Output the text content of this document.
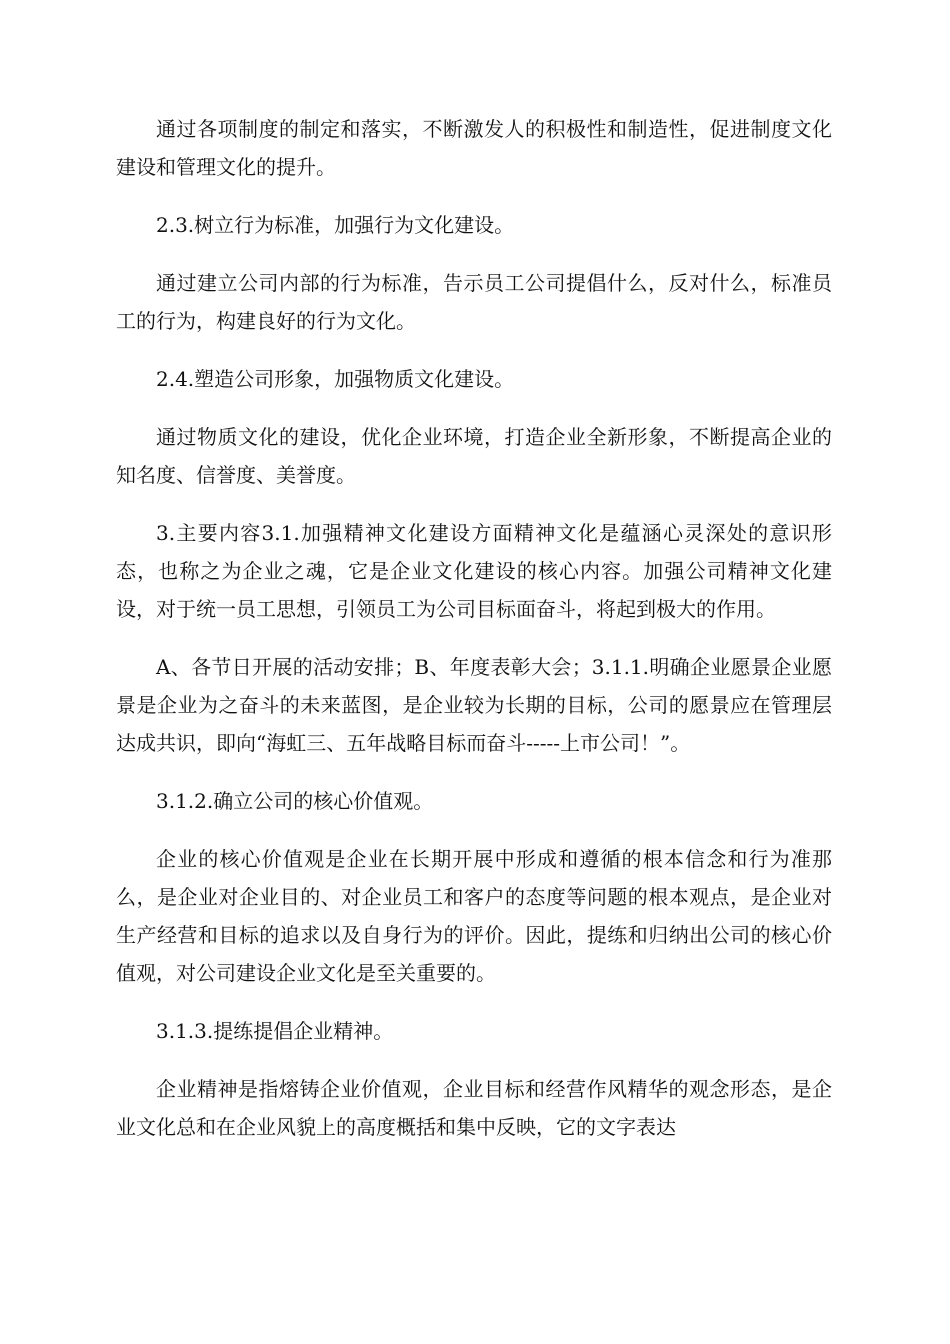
通过各项制度的制定和落实，不断激发人的积极性和制造性，促进制度文化建设和管理文化的提升。

2.3.树立行为标准，加强行为文化建设。

通过建立公司内部的行为标准，告示员工公司提倡什么，反对什么，标准员工的行为，构建良好的行为文化。

2.4.塑造公司形象，加强物质文化建设。

通过物质文化的建设，优化企业环境，打造企业全新形象，不断提高企业的知名度、信誉度、美誉度。

3.主要内容3.1.加强精神文化建设方面精神文化是蕴涵心灵深处的意识形态，也称之为企业之魂，它是企业文化建设的核心内容。加强公司精神文化建设，对于统一员工思想，引领员工为公司目标面奋斗，将起到极大的作用。

A、各节日开展的活动安排；B、年度表彰大会；3.1.1.明确企业愿景企业愿景是企业为之奋斗的未来蓝图，是企业较为长期的目标，公司的愿景应在管理层达成共识，即向“海虹三、五年战略目标而奋斗-----上市公司！”。

3.1.2.确立公司的核心价值观。

企业的核心价值观是企业在长期开展中形成和遵循的根本信念和行为准那么，是企业对企业目的、对企业员工和客户的态度等问题的根本观点，是企业对生产经营和目标的追求以及自身行为的评价。因此，提练和归纳出公司的核心价值观，对公司建设企业文化是至关重要的。

3.1.3.提练提倡企业精神。

企业精神是指熔铸企业价值观，企业目标和经营作风精华的观念形态，是企业文化总和在企业风貌上的高度概括和集中反映，它的文字表达
